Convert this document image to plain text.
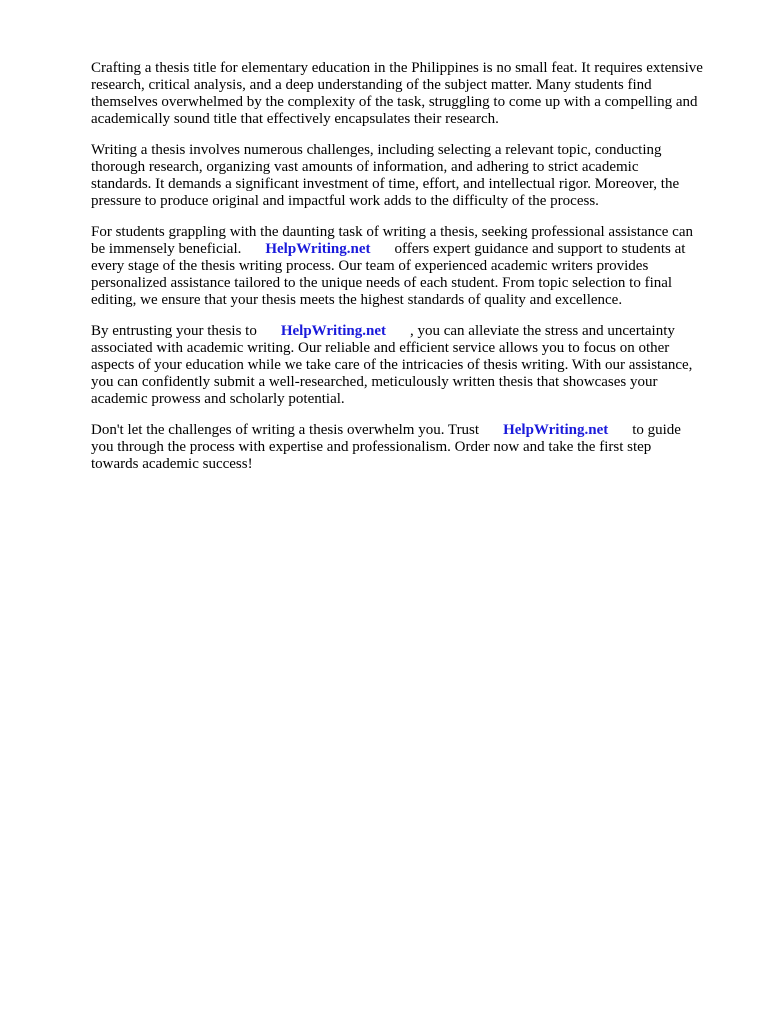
Crafting a thesis title for elementary education in the Philippines is no small feat. It requires extensive
research, critical analysis, and a deep understanding of the subject matter. Many students find
themselves overwhelmed by the complexity of the task, struggling to come up with a compelling and
academically sound title that effectively encapsulates their research.

Writing a thesis involves numerous challenges, including selecting a relevant topic, conducting
thorough research, organizing vast amounts of information, and adhering to strict academic
standards. It demands a significant investment of time, effort, and intellectual rigor. Moreover, the
pressure to produce original and impactful work adds to the difficulty of the process.

For students grappling with the daunting task of writing a thesis, seeking professional assistance can
be immensely beneficial. HelpWriting.net offers expert guidance and support to students at
every stage of the thesis writing process. Our team of experienced academic writers provides
personalized assistance tailored to the unique needs of each student. From topic selection to final
editing, we ensure that your thesis meets the highest standards of quality and excellence.

By entrusting your thesis to HelpWriting.net , you can alleviate the stress and uncertainty
associated with academic writing. Our reliable and efficient service allows you to focus on other
aspects of your education while we take care of the intricacies of thesis writing. With our assistance,
you can confidently submit a well-researched, meticulously written thesis that showcases your
academic prowess and scholarly potential.

Don't let the challenges of writing a thesis overwhelm you. Trust HelpWriting.net to guide
you through the process with expertise and professionalism. Order now and take the first step
towards academic success!
